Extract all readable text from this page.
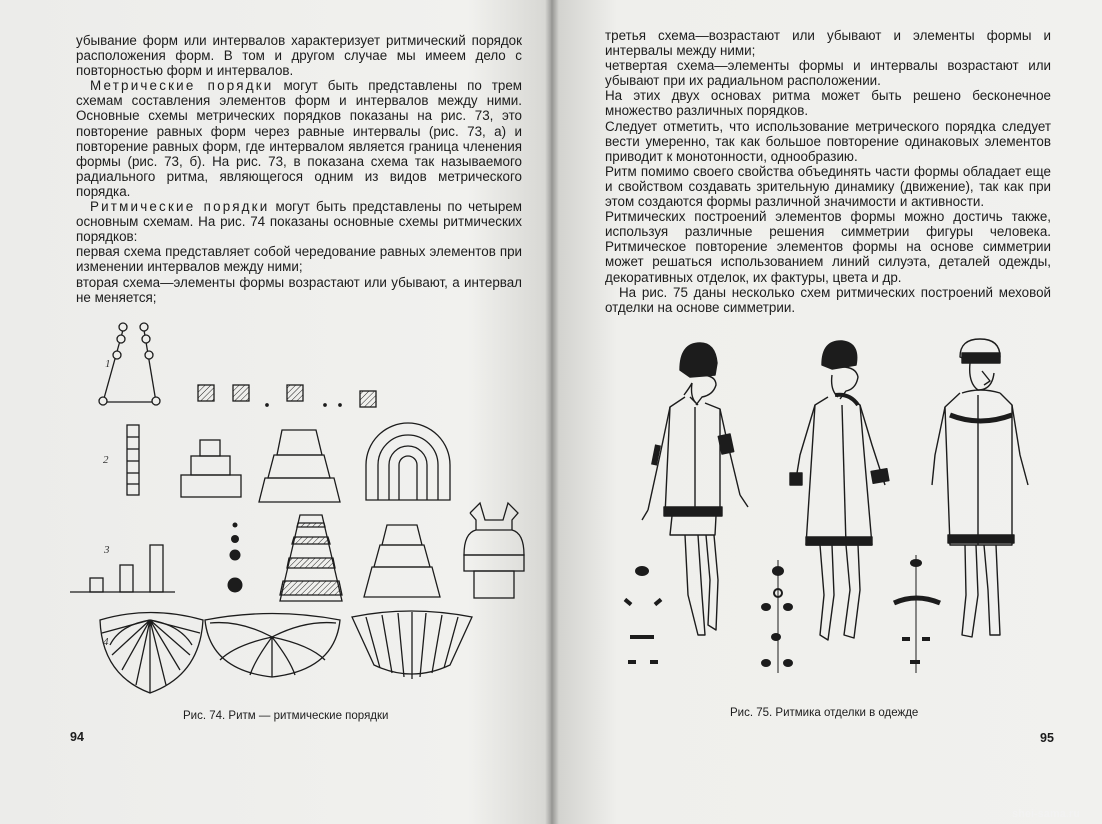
убывание форм или интервалов характеризует ритмический порядок расположения форм. В том и другом случае мы имеем дело с повторностью форм и интервалов.

Метрические порядки могут быть представлены по трем схемам составления элементов форм и интервалов между ними. Основные схемы метрических порядков показаны на рис. 73, это повторение равных форм через равные интервалы (рис. 73, а) и повторение равных форм, где интервалом является граница членения формы (рис. 73, б). На рис. 73, в показана схема так называемого радиального ритма, являющегося одним из видов метрического порядка.

Ритмические порядки могут быть представлены по четырем основным схемам. На рис. 74 показаны основные схемы ритмических порядков:

первая схема представляет собой чередование равных элементов при изменении интервалов между ними;

вторая схема—элементы формы возрастают или убывают, а интервал не меняется;

1
2
3
4
Рис. 74. Ритм — ритмические порядки
94

третья схема—возрастают или убывают и элементы формы и интервалы между ними;

четвертая схема—элементы формы и интервалы возрастают или убывают при их радиальном расположении.

На этих двух основах ритма может быть решено бесконечное множество различных порядков.

Следует отметить, что использование метрического порядка следует вести умеренно, так как большое повторение одинаковых элементов приводит к монотонности, однообразию.

Ритм помимо своего свойства объединять части формы обладает еще и свойством создавать зрительную динамику (движение), так как при этом создаются формы различной значимости и активности.

Ритмических построений элементов формы можно достичь также, используя различные решения симметрии фигуры человека. Ритмическое повторение элементов формы на основе симметрии может решаться использованием линий силуэта, деталей одежды, декоративных отделок, их фактуры, цвета и др.

На рис. 75 даны несколько схем ритмических построений меховой отделки на основе симметрии.

Рис. 75. Ритмика отделки в одежде
95
shei-sama.ru
